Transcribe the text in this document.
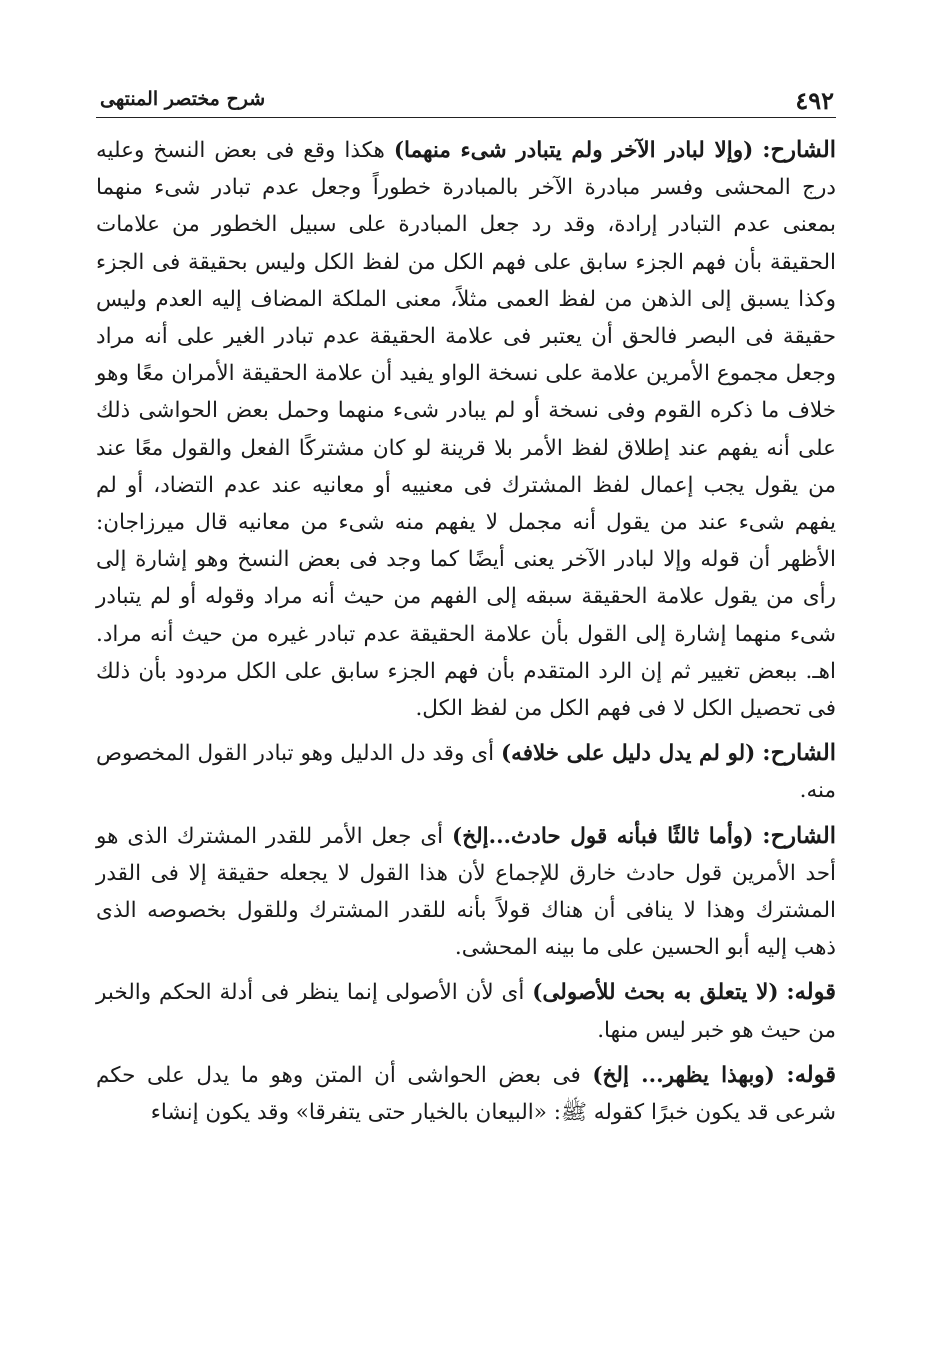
٤٩٢
شرح مختصر المنتهى

الشارح: (وإلا لبادر الآخر ولم يتبادر شىء منهما) هكذا وقع فى بعض النسخ وعليه درج المحشى وفسر مبادرة الآخر بالمبادرة خطوراً وجعل عدم تبادر شىء منهما بمعنى عدم التبادر إرادة، وقد رد جعل المبادرة على سبيل الخطور من علامات الحقيقة بأن فهم الجزء سابق على فهم الكل من لفظ الكل وليس بحقيقة فى الجزء وكذا يسبق إلى الذهن من لفظ العمى مثلاً، معنى الملكة المضاف إليه العدم وليس حقيقة فى البصر فالحق أن يعتبر فى علامة الحقيقة عدم تبادر الغير على أنه مراد وجعل مجموع الأمرين علامة على نسخة الواو يفيد أن علامة الحقيقة الأمران معًا وهو خلاف ما ذكره القوم وفى نسخة أو لم يبادر شىء منهما وحمل بعض الحواشى ذلك على أنه يفهم عند إطلاق لفظ الأمر بلا قرينة لو كان مشتركًا الفعل والقول معًا عند من يقول يجب إعمال لفظ المشترك فى معنييه أو معانيه عند عدم التضاد، أو لم يفهم شىء عند من يقول أنه مجمل لا يفهم منه شىء من معانيه قال ميرزاجان: الأظهر أن قوله وإلا لبادر الآخر يعنى أيضًا كما وجد فى بعض النسخ وهو إشارة إلى رأى من يقول علامة الحقيقة سبقه إلى الفهم من حيث أنه مراد وقوله أو لم يتبادر شىء منهما إشارة إلى القول بأن علامة الحقيقة عدم تبادر غيره من حيث أنه مراد. اهـ. ببعض تغيير ثم إن الرد المتقدم بأن فهم الجزء سابق على الكل مردود بأن ذلك فى تحصيل الكل لا فى فهم الكل من لفظ الكل.

الشارح: (لو لم يدل دليل على خلافه) أى وقد دل الدليل وهو تبادر القول المخصوص منه.

الشارح: (وأما ثالثًا فبأنه قول حادث...إلخ) أى جعل الأمر للقدر المشترك الذى هو أحد الأمرين قول حادث خارق للإجماع لأن هذا القول لا يجعله حقيقة إلا فى القدر المشترك وهذا لا ينافى أن هناك قولاً بأنه للقدر المشترك وللقول بخصوصه الذى ذهب إليه أبو الحسين على ما بينه المحشى.

قوله: (لا يتعلق به بحث للأصولى) أى لأن الأصولى إنما ينظر فى أدلة الحكم والخبر من حيث هو خبر ليس منها.

قوله: (وبهذا يظهر... إلخ) فى بعض الحواشى أن المتن وهو ما يدل على حكم شرعى قد يكون خبرًا كقوله ﷺ: «البيعان بالخيار حتى يتفرقا» وقد يكون إنشاء
